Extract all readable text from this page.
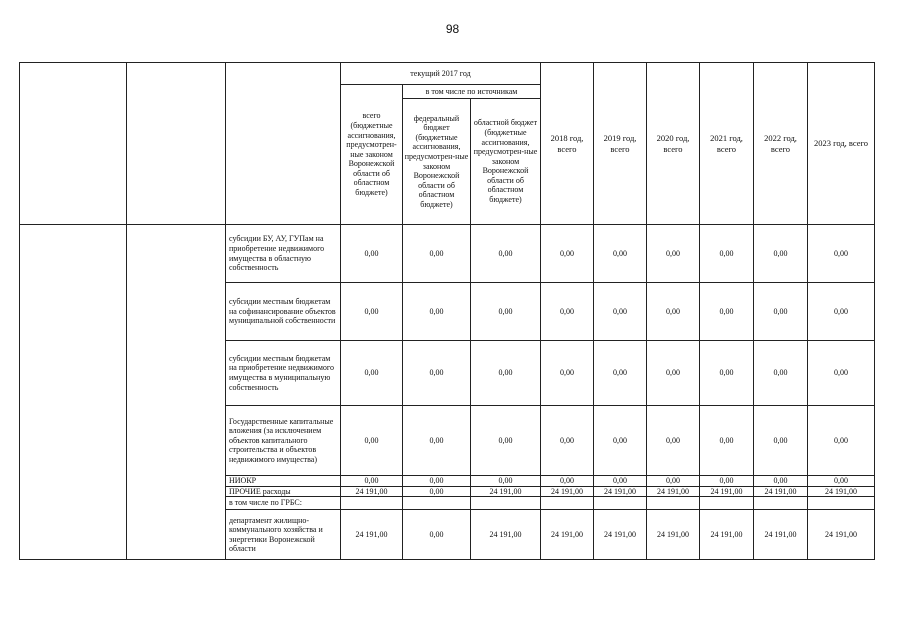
98
			текущий 2017 год			2018 год, всего	2019 год, всего	2020 год, всего	2021 год, всего	2022 год, всего	2023 год, всего
			всего (бюджетные ассигнования, предусмотрен-ные законом Воронежской области об областном бюджете)	в том числе по источникам							
				федеральный бюджет (бюджетные ассигнования, предусмотрен-ные законом Воронежской области об областном бюджете)	областной бюджет (бюджетные ассигнования, предусмотрен-ные законом Воронежской области об областном бюджете)						
		субсидии БУ, АУ, ГУПам на приобретение недвижимого имущества в областную собственность	0,00	0,00	0,00	0,00	0,00	0,00	0,00	0,00	0,00
		субсидии местным бюджетам на софинансирование объектов муниципальной собственности	0,00	0,00	0,00	0,00	0,00	0,00	0,00	0,00	0,00
		субсидии местным бюджетам на приобретение недвижимого имущества в муниципальную собственность	0,00	0,00	0,00	0,00	0,00	0,00	0,00	0,00	0,00
		Государственные капитальные вложения (за исключением объектов капитального строительства и объектов недвижимого имущества)	0,00	0,00	0,00	0,00	0,00	0,00	0,00	0,00	0,00
		НИОКР	0,00	0,00	0,00	0,00	0,00	0,00	0,00	0,00	0,00
		ПРОЧИЕ расходы	24 191,00	0,00	24 191,00	24 191,00	24 191,00	24 191,00	24 191,00	24 191,00	24 191,00
		в том числе по ГРБС:									
		департамент жилищно-коммунального хозяйства и энергетики Воронежской области	24 191,00	0,00	24 191,00	24 191,00	24 191,00	24 191,00	24 191,00	24 191,00	24 191,00
